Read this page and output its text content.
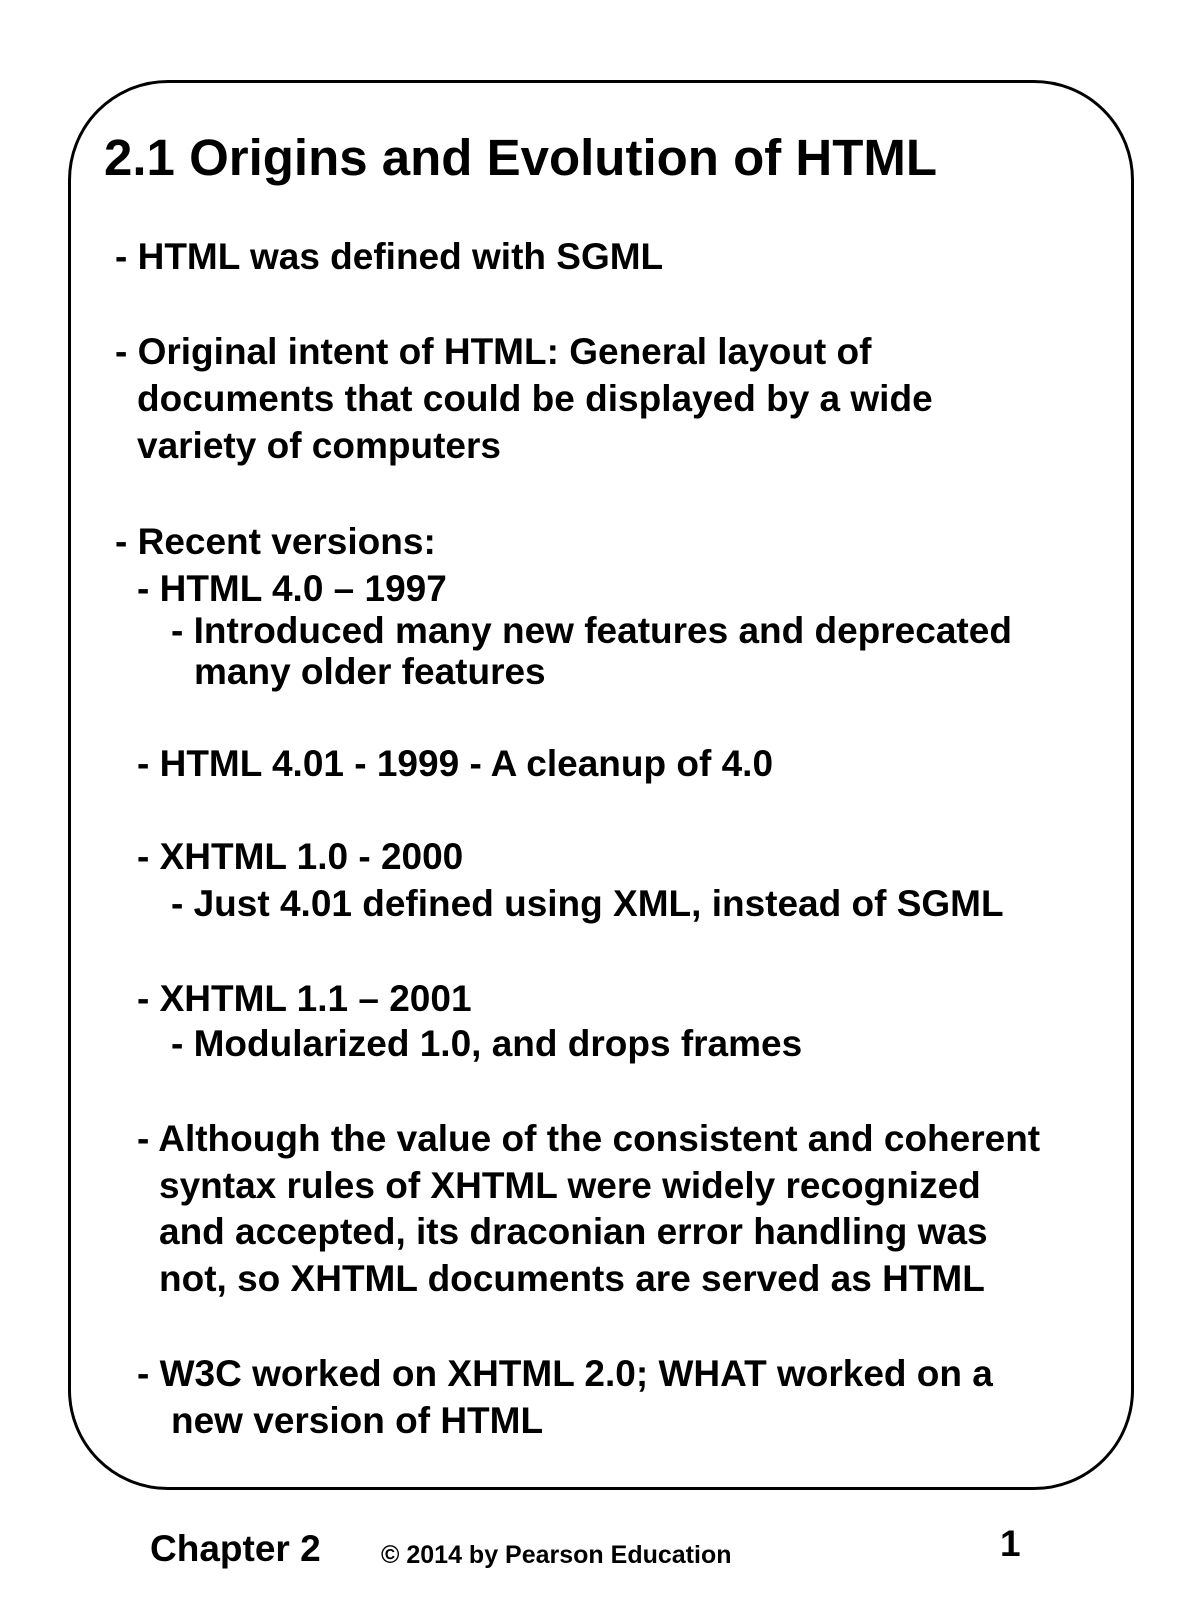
2.1 Origins and Evolution of HTML
- HTML was defined with SGML
- Original intent of HTML: General layout of
documents that could be displayed by a wide
variety of computers
- Recent versions:
- HTML 4.0 – 1997
- Introduced many new features and deprecated
many older features
- HTML 4.01 - 1999 - A cleanup of 4.0
- XHTML 1.0 - 2000
- Just 4.01 defined using XML, instead of SGML
- XHTML 1.1 – 2001
- Modularized 1.0, and drops frames
- Although the value of the consistent and coherent
syntax rules of XHTML were widely recognized
and accepted, its draconian error handling was
not, so XHTML documents are served as HTML
- W3C worked on XHTML 2.0; WHAT worked on a
new version of HTML
Chapter 2 © 2014 by Pearson Education	1
